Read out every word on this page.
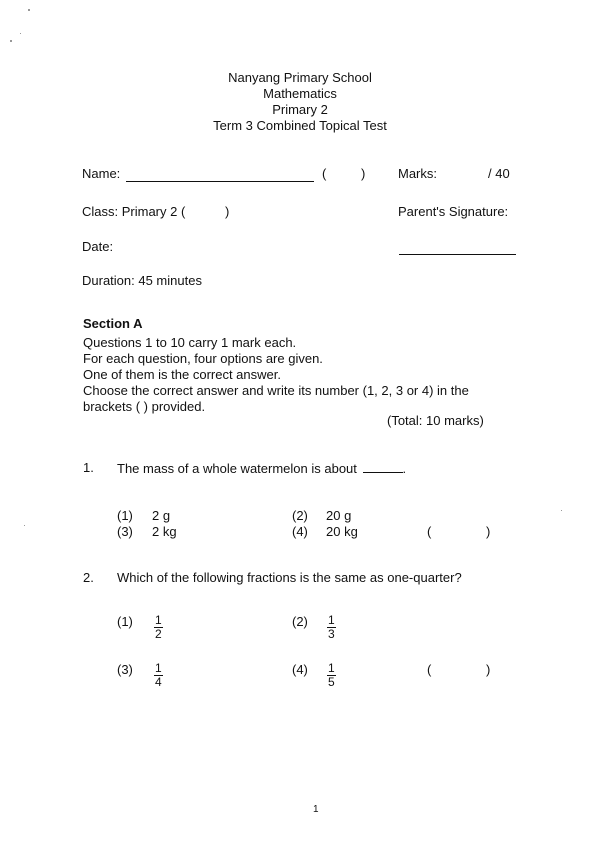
Nanyang Primary School
Mathematics
Primary 2
Term 3 Combined Topical Test
Name:	(	)	Marks:	/ 40
Class: Primary 2 (	)	Parent's Signature:
Date:
Duration: 45 minutes
Section A
Questions 1 to 10 carry 1 mark each.
For each question, four options are given.
One of them is the correct answer.
Choose the correct answer and write its number (1, 2, 3 or 4) in the
brackets ( ) provided.
(Total: 10 marks)
1. The mass of a whole watermelon is about	.
(1) 2 g	(2) 20 g
(3) 2 kg	(4) 20 kg	(	)
2. Which of the following fractions is the same as one-quarter?
$(1) \frac{1}{2}$	$(2) \frac{1}{3}$
$(3) \frac{1}{4}$	$(4) \frac{1}{5}$	(	)
1
